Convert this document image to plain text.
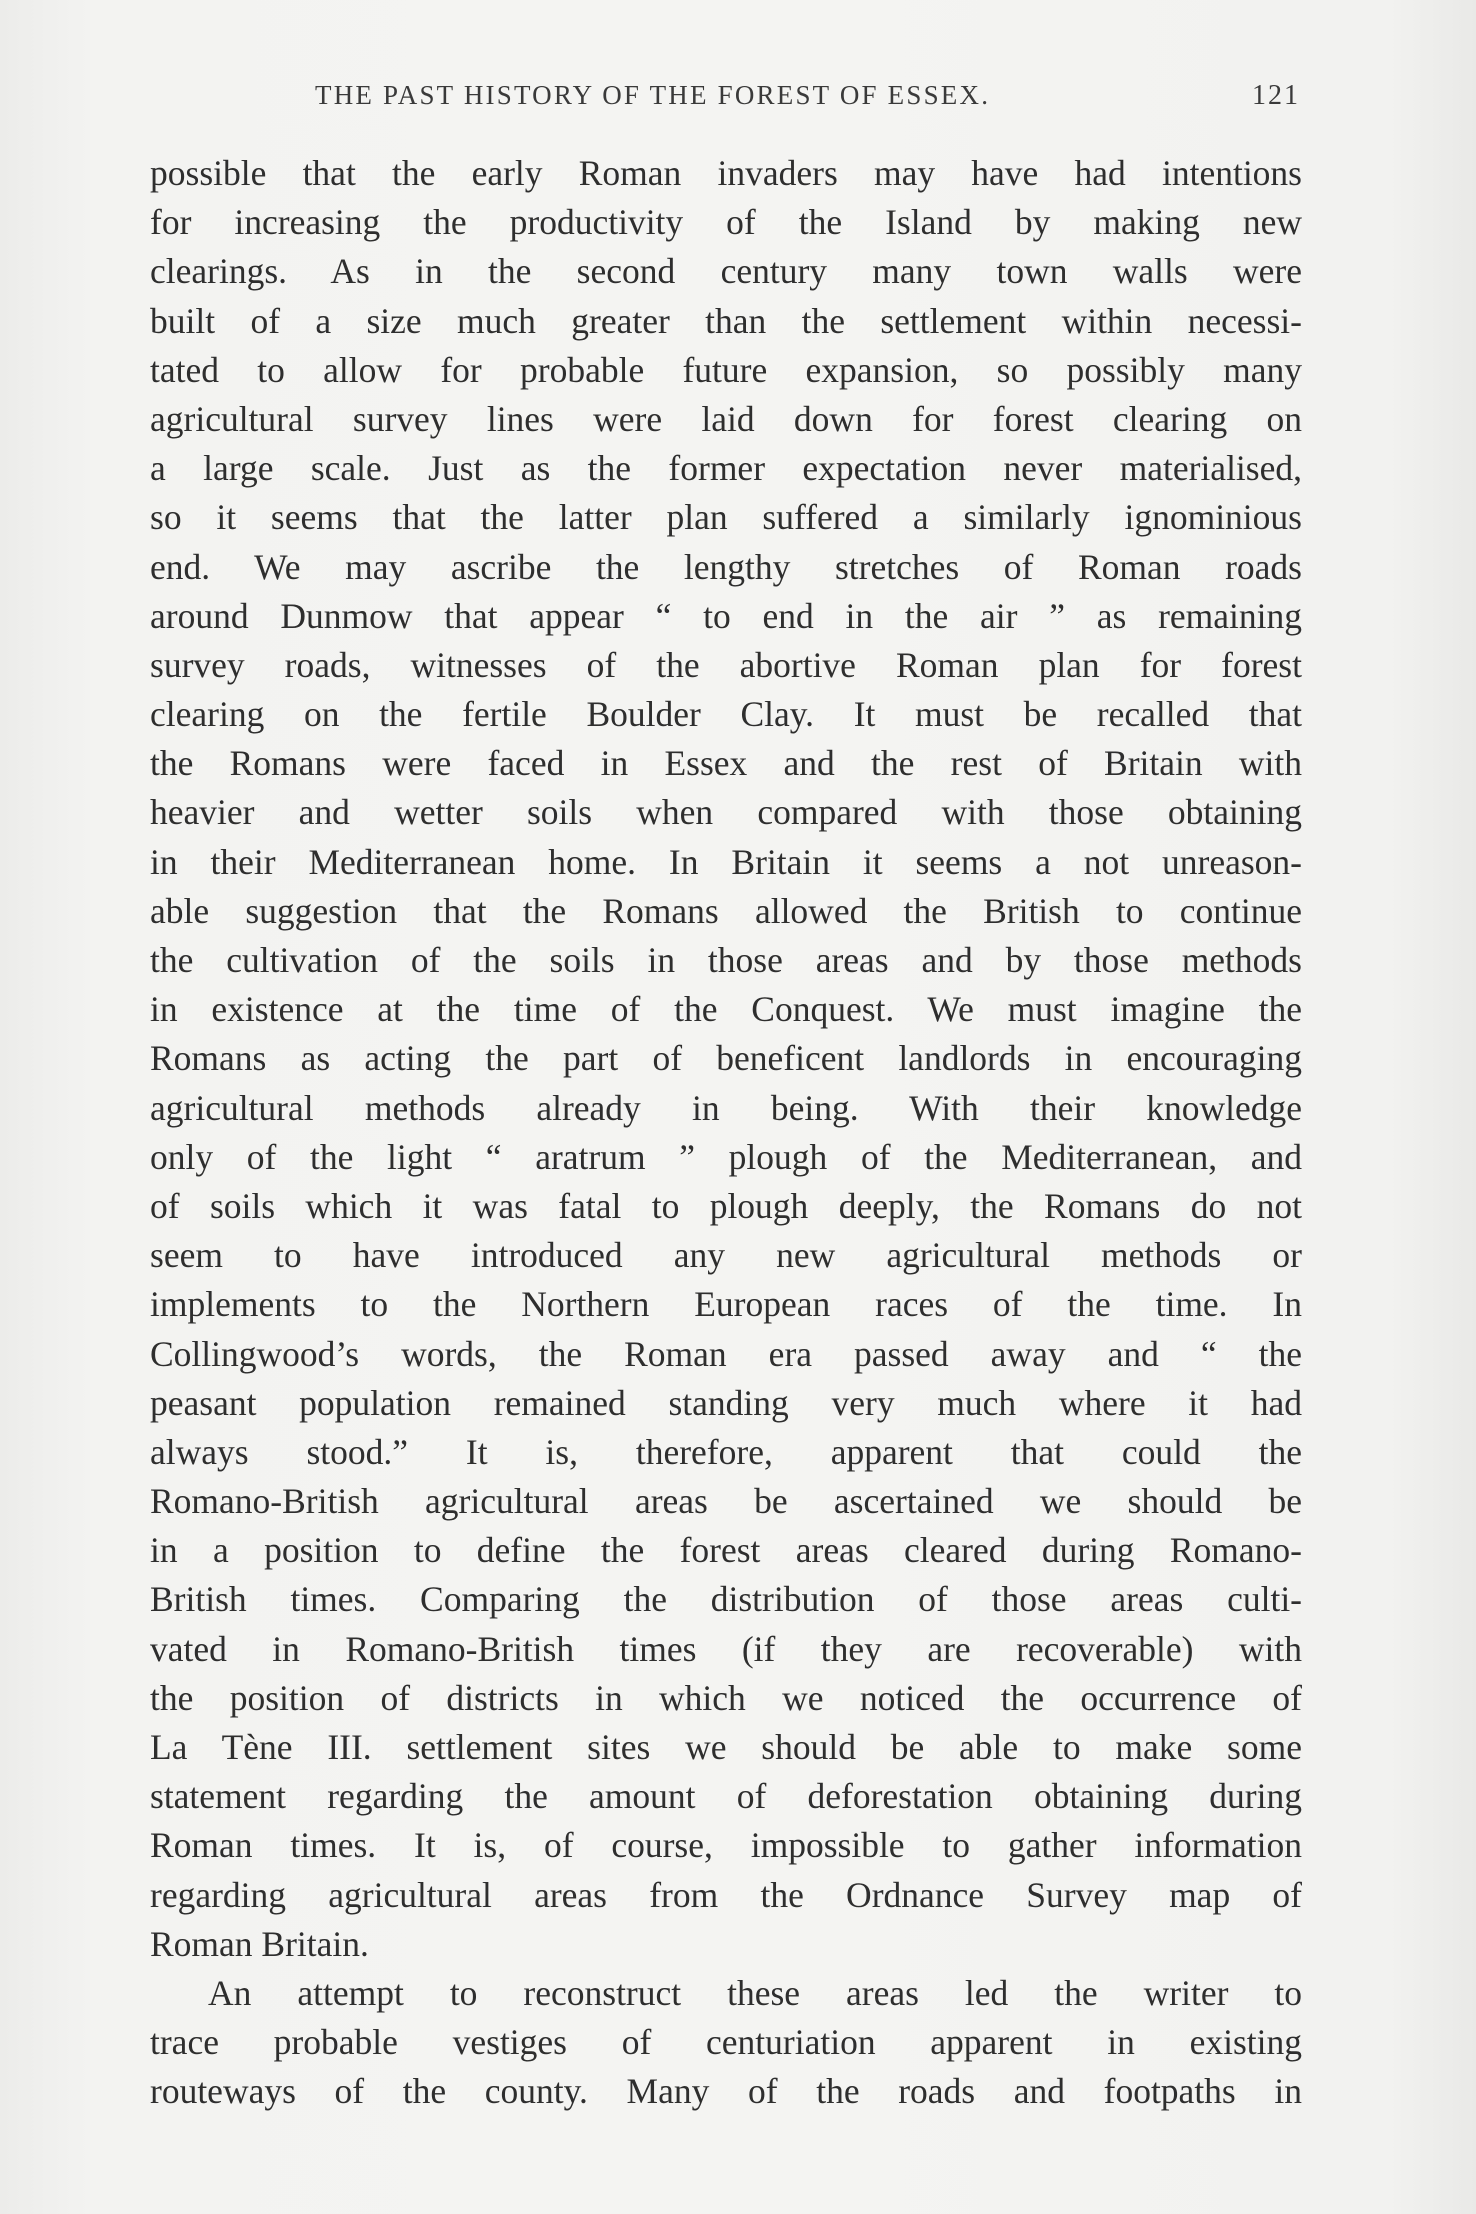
THE PAST HISTORY OF THE FOREST OF ESSEX.	121
possible that the early Roman invaders may have had intentions
for increasing the productivity of the Island by making new
clearings. As in the second century many town walls were
built of a size much greater than the settlement within necessi-
tated to allow for probable future expansion, so possibly many
agricultural survey lines were laid down for forest clearing on
a large scale. Just as the former expectation never materialised,
so it seems that the latter plan suffered a similarly ignominious
end. We may ascribe the lengthy stretches of Roman roads
around Dunmow that appear “ to end in the air ” as remaining
survey roads, witnesses of the abortive Roman plan for forest
clearing on the fertile Boulder Clay. It must be recalled that
the Romans were faced in Essex and the rest of Britain with
heavier and wetter soils when compared with those obtaining
in their Mediterranean home. In Britain it seems a not unreason-
able suggestion that the Romans allowed the British to continue
the cultivation of the soils in those areas and by those methods
in existence at the time of the Conquest. We must imagine the
Romans as acting the part of beneficent landlords in encouraging
agricultural methods already in being. With their knowledge
only of the light “ aratrum ” plough of the Mediterranean, and
of soils which it was fatal to plough deeply, the Romans do not
seem to have introduced any new agricultural methods or
implements to the Northern European races of the time. In
Collingwood’s words, the Roman era passed away and “ the
peasant population remained standing very much where it had
always stood.” It is, therefore, apparent that could the
Romano-British agricultural areas be ascertained we should be
in a position to define the forest areas cleared during Romano-
British times. Comparing the distribution of those areas culti-
vated in Romano-British times (if they are recoverable) with
the position of districts in which we noticed the occurrence of
La Tène III. settlement sites we should be able to make some
statement regarding the amount of deforestation obtaining during
Roman times. It is, of course, impossible to gather information
regarding agricultural areas from the Ordnance Survey map of
Roman Britain.
An attempt to reconstruct these areas led the writer to
trace probable vestiges of centuriation apparent in existing
routeways of the county. Many of the roads and footpaths in
